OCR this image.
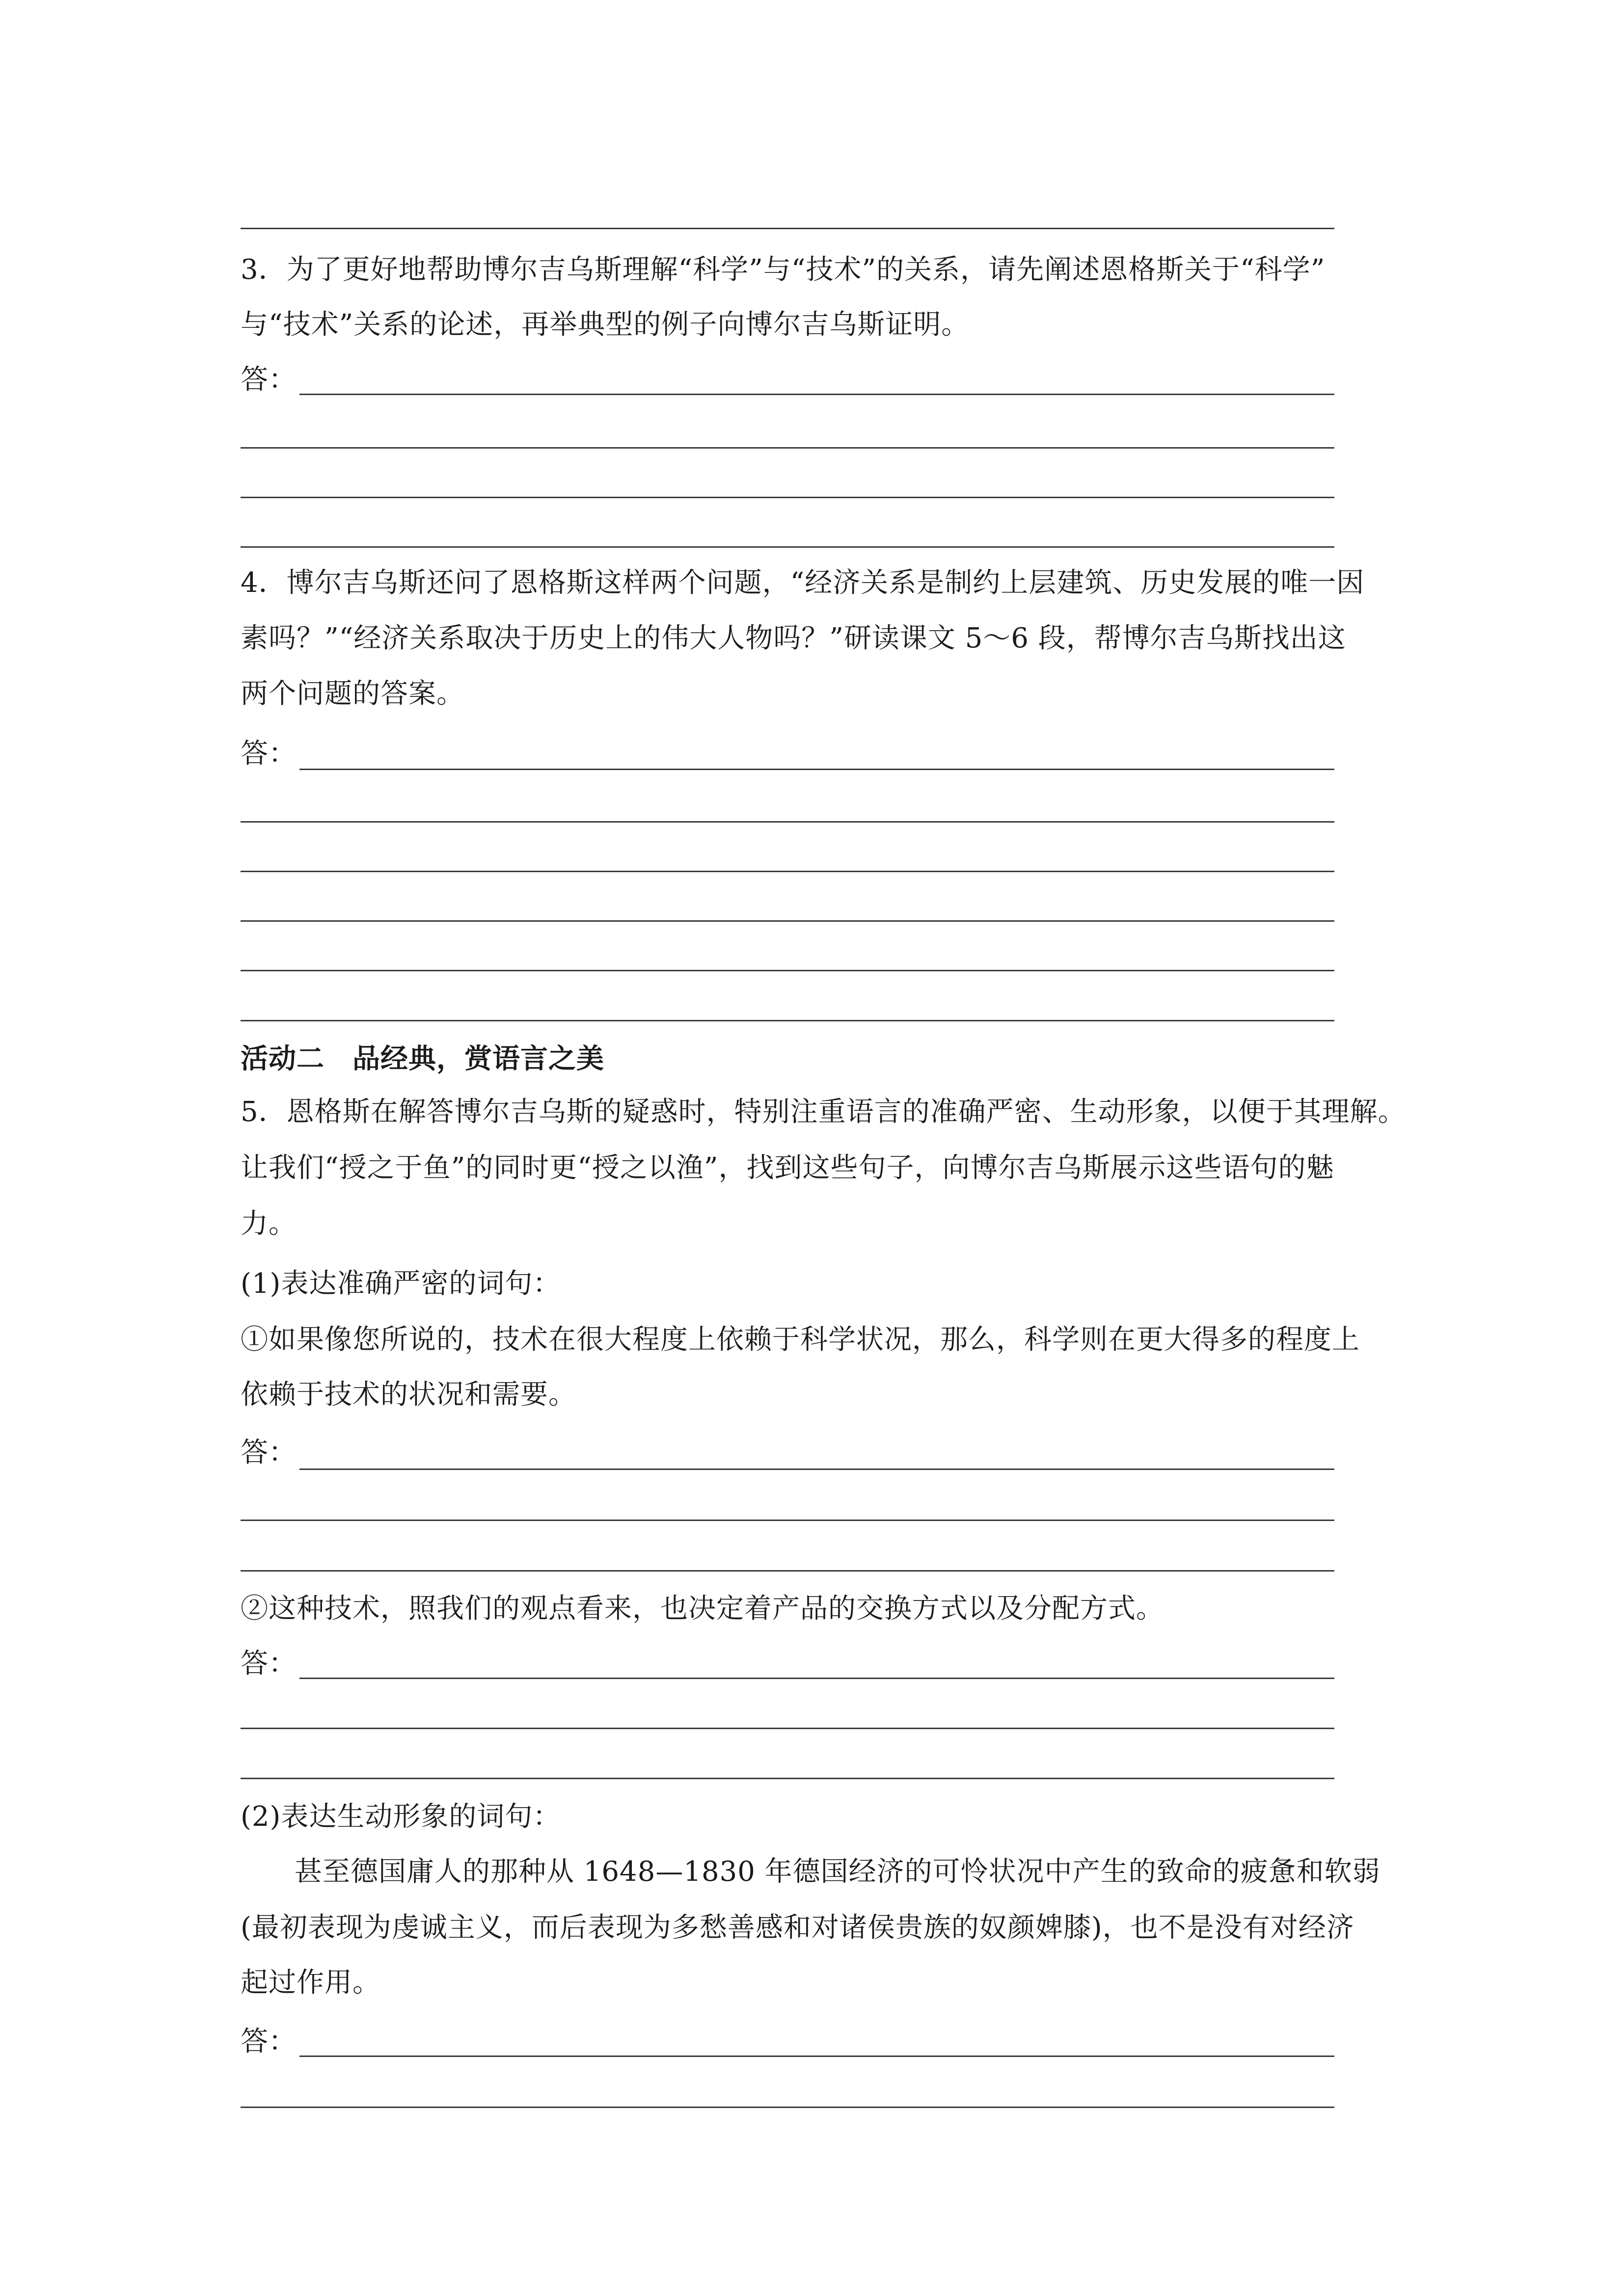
3．为了更好地帮助博尔吉乌斯理解“科学”与“技术”的关系，请先阐述恩格斯关于“科学”

与“技术”关系的论述，再举典型的例子向博尔吉乌斯证明。

答：

4．博尔吉乌斯还问了恩格斯这样两个问题，“经济关系是制约上层建筑、历史发展的唯一因

素吗？”“经济关系取决于历史上的伟大人物吗？”研读课文 5～6 段，帮博尔吉乌斯找出这

两个问题的答案。

答：

活动二　品经典，赏语言之美

5．恩格斯在解答博尔吉乌斯的疑惑时，特别注重语言的准确严密、生动形象，以便于其理解。

让我们“授之于鱼”的同时更“授之以渔”，找到这些句子，向博尔吉乌斯展示这些语句的魅

力。

(1)表达准确严密的词句：

①如果像您所说的，技术在很大程度上依赖于科学状况，那么，科学则在更大得多的程度上

依赖于技术的状况和需要。

答：

②这种技术，照我们的观点看来，也决定着产品的交换方式以及分配方式。

答：

(2)表达生动形象的词句：

甚至德国庸人的那种从 1648—1830 年德国经济的可怜状况中产生的致命的疲惫和软弱

(最初表现为虔诚主义，而后表现为多愁善感和对诸侯贵族的奴颜婢膝)，也不是没有对经济

起过作用。

答：
